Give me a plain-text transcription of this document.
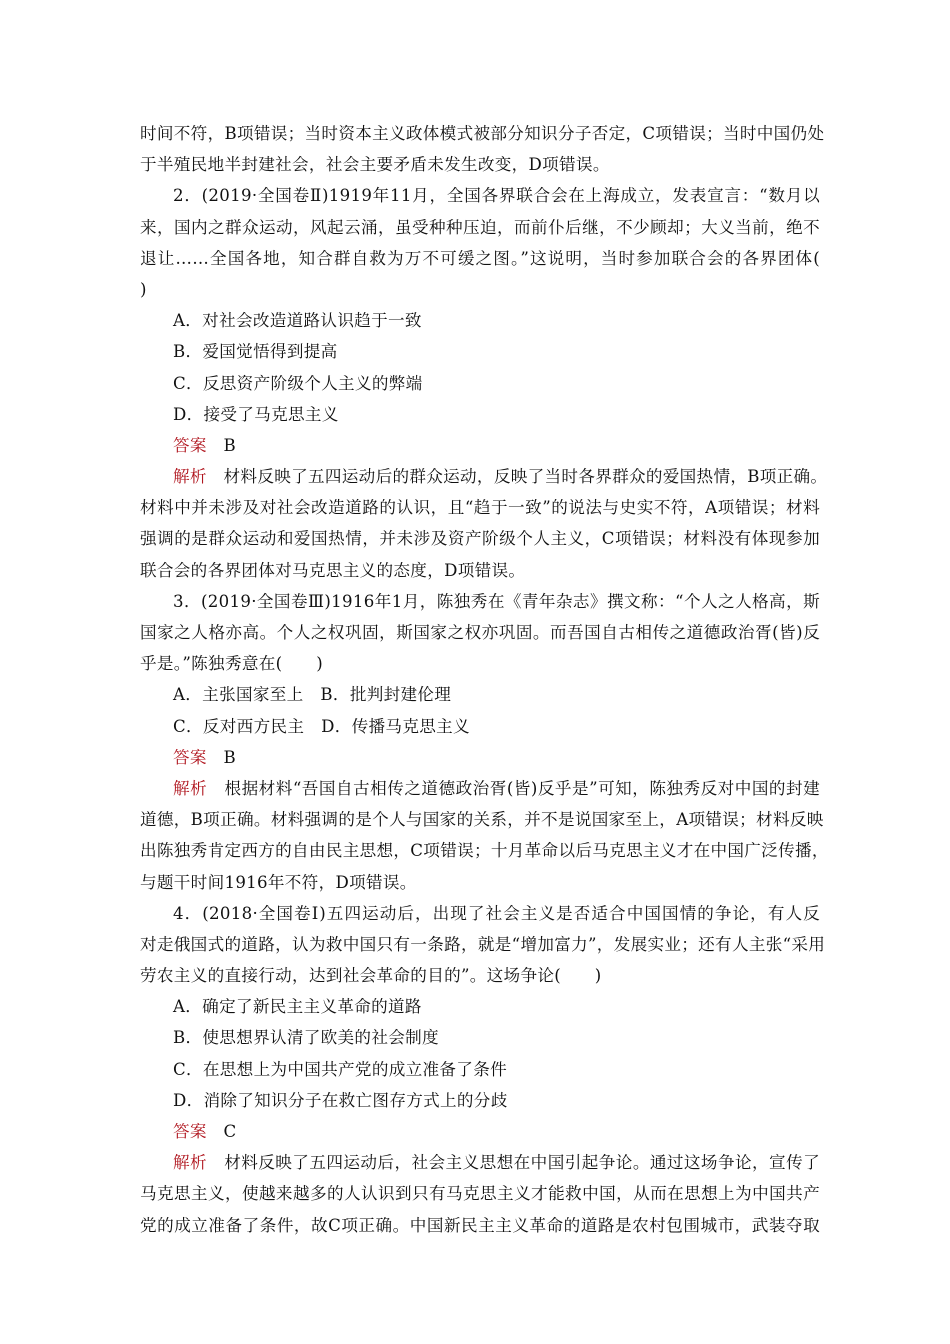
时间不符，B项错误；当时资本主义政体模式被部分知识分子否定，C项错误；当时中国仍处
于半殖民地半封建社会，社会主要矛盾未发生改变，D项错误。
2．(2019·全国卷Ⅱ)1919年11月，全国各界联合会在上海成立，发表宣言：“数月以
来，国内之群众运动，风起云涌，虽受种种压迫，而前仆后继，不少顾却；大义当前，绝不
退让……全国各地，知合群自救为万不可缓之图。”这说明，当时参加联合会的各界团体(
)
A．对社会改造道路认识趋于一致
B．爱国觉悟得到提高
C．反思资产阶级个人主义的弊端
D．接受了马克思主义
答案 B
解析 材料反映了五四运动后的群众运动，反映了当时各界群众的爱国热情，B项正确。
材料中并未涉及对社会改造道路的认识，且“趋于一致”的说法与史实不符，A项错误；材料
强调的是群众运动和爱国热情，并未涉及资产阶级个人主义，C项错误；材料没有体现参加
联合会的各界团体对马克思主义的态度，D项错误。
3．(2019·全国卷Ⅲ)1916年1月，陈独秀在《青年杂志》撰文称：“个人之人格高，斯
国家之人格亦高。个人之权巩固，斯国家之权亦巩固。而吾国自古相传之道德政治胥(皆)反
乎是。”陈独秀意在(　　)
A．主张国家至上　B．批判封建伦理
C．反对西方民主　D．传播马克思主义
答案 B
解析 根据材料“吾国自古相传之道德政治胥(皆)反乎是”可知，陈独秀反对中国的封建
道德，B项正确。材料强调的是个人与国家的关系，并不是说国家至上，A项错误；材料反映
出陈独秀肯定西方的自由民主思想，C项错误；十月革命以后马克思主义才在中国广泛传播，
与题干时间1916年不符，D项错误。
4．(2018·全国卷Ⅰ)五四运动后，出现了社会主义是否适合中国国情的争论，有人反
对走俄国式的道路，认为救中国只有一条路，就是“增加富力”，发展实业；还有人主张“采用
劳农主义的直接行动，达到社会革命的目的”。这场争论(　　)
A．确定了新民主主义革命的道路
B．使思想界认清了欧美的社会制度
C．在思想上为中国共产党的成立准备了条件
D．消除了知识分子在救亡图存方式上的分歧
答案 C
解析 材料反映了五四运动后，社会主义思想在中国引起争论。通过这场争论，宣传了
马克思主义，使越来越多的人认识到只有马克思主义才能救中国，从而在思想上为中国共产
党的成立准备了条件，故C项正确。中国新民主主义革命的道路是农村包围城市，武装夺取
